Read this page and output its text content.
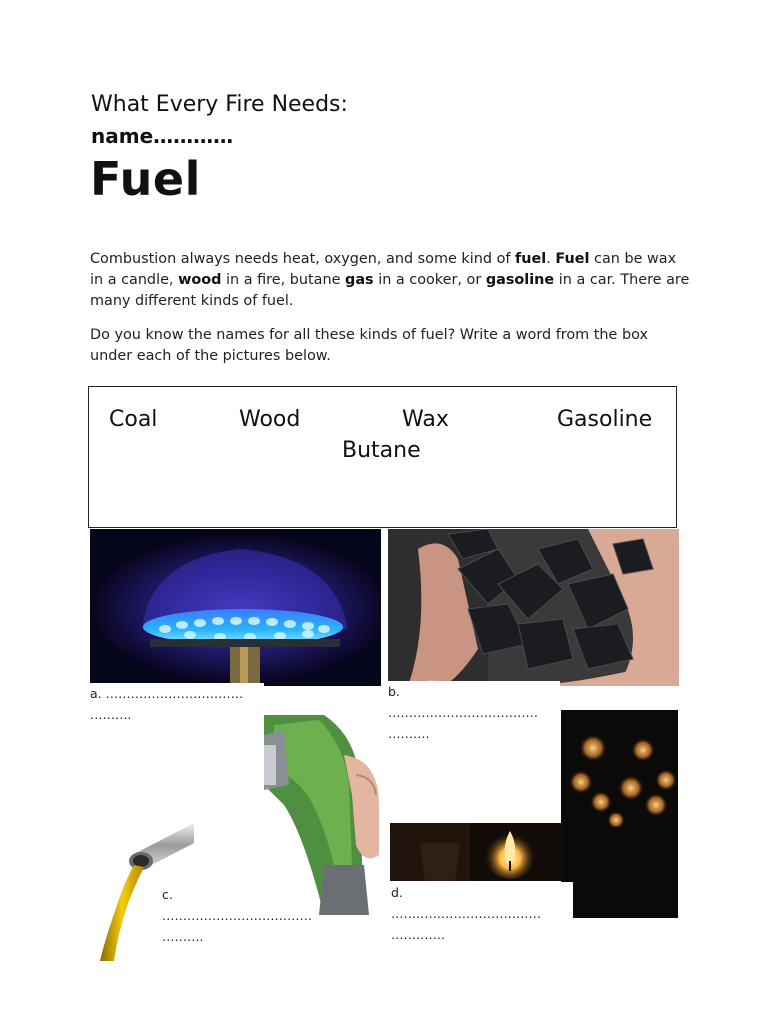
What Every Fire Needs:
name…………
Fuel
Combustion always needs heat, oxygen, and some kind of fuel. Fuel can be wax in a candle, wood in a fire, butane gas in a cooker, or gasoline in a car. There are many different kinds of fuel.
Do you know the names for all these kinds of fuel? Write a word from the box under each of the pictures below.
Coal	Wood	Wax	Gasoline
Butane
a. ……………………………
……….
b.
………………………………
……….
c.
………………………………
……….
d.
………………………………
………….
